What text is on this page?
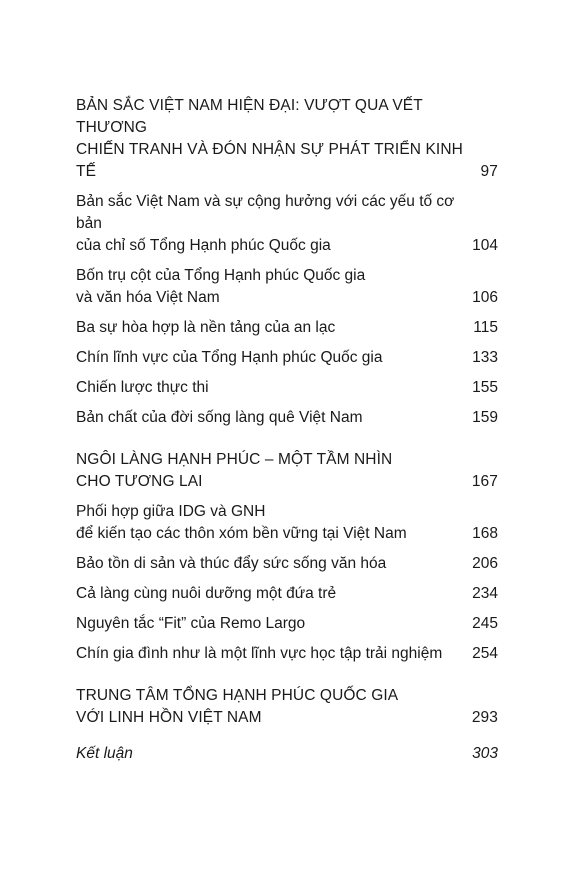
BẢN SẮC VIỆT NAM HIỆN ĐẠI: VƯỢT QUA VẾT THƯƠNG
CHIẾN TRANH VÀ ĐÓN NHẬN SỰ PHÁT TRIỂN KINH TẾ	97
Bản sắc Việt Nam và sự cộng hưởng với các yếu tố cơ bản
của chỉ số Tổng Hạnh phúc Quốc gia	104
Bốn trụ cột của Tổng Hạnh phúc Quốc gia
và văn hóa Việt Nam	106
Ba sự hòa hợp là nền tảng của an lạc	115
Chín lĩnh vực của Tổng Hạnh phúc Quốc gia	133
Chiến lược thực thi	155
Bản chất của đời sống làng quê Việt Nam	159
NGÔI LÀNG HẠNH PHÚC – MỘT TẦM NHÌN
CHO TƯƠNG LAI	167
Phối hợp giữa IDG và GNH
để kiến tạo các thôn xóm bền vững tại Việt Nam	168
Bảo tồn di sản và thúc đẩy sức sống văn hóa	206
Cả làng cùng nuôi dưỡng một đứa trẻ	234
Nguyên tắc “Fit” của Remo Largo	245
Chín gia đình như là một lĩnh vực học tập trải nghiệm	254
TRUNG TÂM TỔNG HẠNH PHÚC QUỐC GIA
VỚI LINH HỒN VIỆT NAM	293
Kết luận	303
